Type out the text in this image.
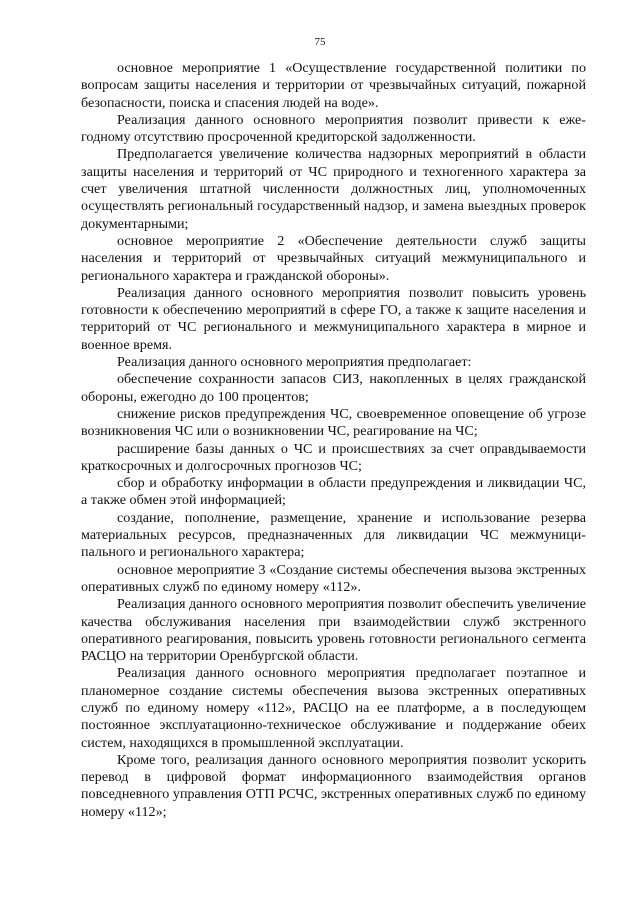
75

основное мероприятие 1 «Осуществление государственной политики по вопросам защиты населения и территории от чрезвычайных ситуаций, пожарной безопасности, поиска и спасения людей на воде».

Реализация данного основного мероприятия позволит привести к ежегодному отсутствию просроченной кредиторской задолженности.

Предполагается увеличение количества надзорных мероприятий в области защиты населения и территорий от ЧС природного и техногенного характера за счет увеличения штатной численности должностных лиц, уполномоченных осуществлять региональный государственный надзор, и замена выездных проверок документарными;

основное мероприятие 2 «Обеспечение деятельности служб защиты населения и территорий от чрезвычайных ситуаций межмуниципального и регионального характера и гражданской обороны».

Реализация данного основного мероприятия позволит повысить уровень готовности к обеспечению мероприятий в сфере ГО, а также к защите населения и территорий от ЧС регионального и межмуниципального характера в мирное и военное время.

Реализация данного основного мероприятия предполагает:

обеспечение сохранности запасов СИЗ, накопленных в целях гражданской обороны, ежегодно до 100 процентов;

снижение рисков предупреждения ЧС, своевременное оповещение об угрозе возникновения ЧС или о возникновении ЧС, реагирование на ЧС;

расширение базы данных о ЧС и происшествиях за счет оправдываемости краткосрочных и долгосрочных прогнозов ЧС;

сбор и обработку информации в области предупреждения и ликвидации ЧС, а также обмен этой информацией;

создание, пополнение, размещение, хранение и использование резерва материальных ресурсов, предназначенных для ликвидации ЧС межмуниципального и регионального характера;

основное мероприятие 3 «Создание системы обеспечения вызова экстренных оперативных служб по единому номеру «112».

Реализация данного основного мероприятия позволит обеспечить увеличение качества обслуживания населения при взаимодействии служб экстренного оперативного реагирования, повысить уровень готовности регионального сегмента РАСЦО на территории Оренбургской области.

Реализация данного основного мероприятия предполагает поэтапное и планомерное создание системы обеспечения вызова экстренных оперативных служб по единому номеру «112», РАСЦО на ее платформе, а в последующем постоянное эксплуатационно-техническое обслуживание и поддержание обеих систем, находящихся в промышленной эксплуатации.

Кроме того, реализация данного основного мероприятия позволит ускорить перевод в цифровой формат информационного взаимодействия органов повседневного управления ОТП РСЧС, экстренных оперативных служб по единому номеру «112»;
